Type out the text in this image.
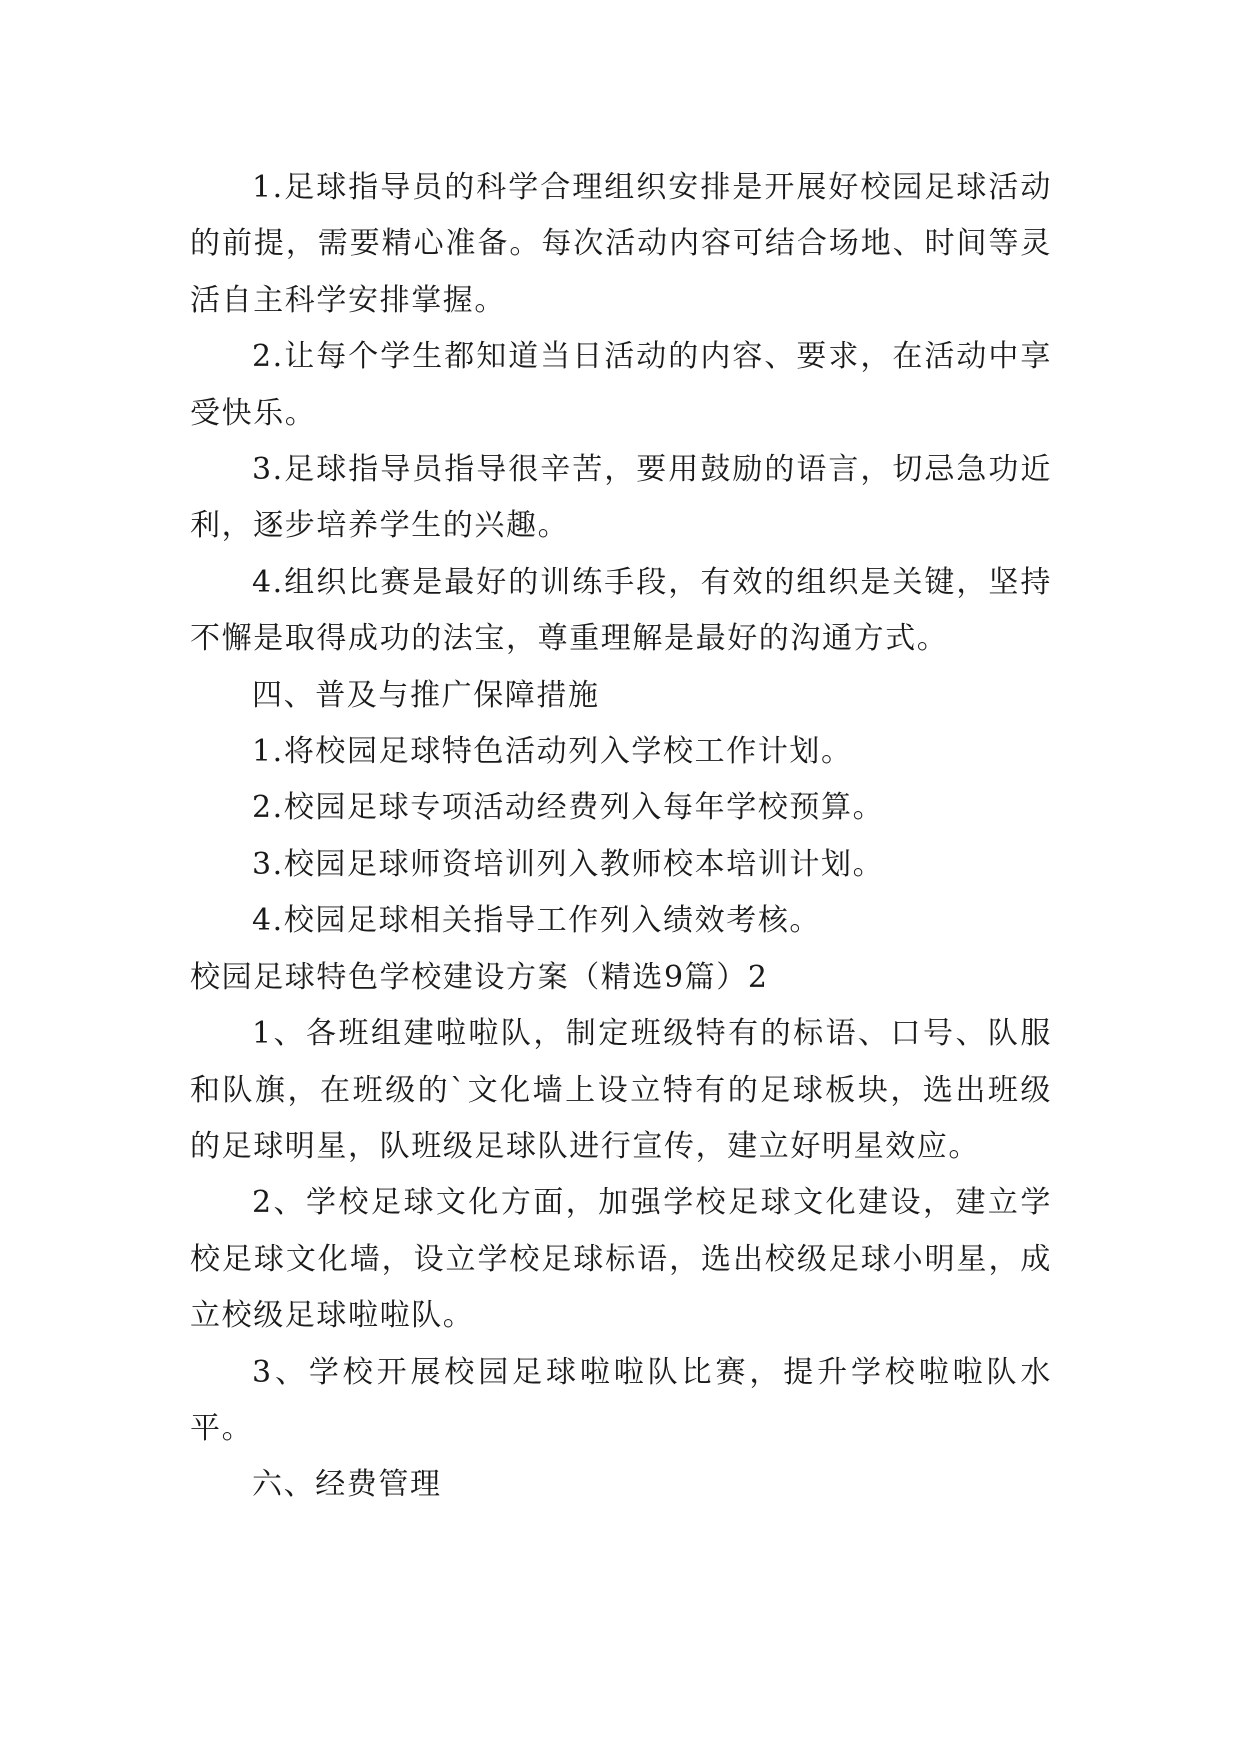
1.足球指导员的科学合理组织安排是开展好校园足球活动的前提，需要精心准备。每次活动内容可结合场地、时间等灵活自主科学安排掌握。

2.让每个学生都知道当日活动的内容、要求，在活动中享受快乐。

3.足球指导员指导很辛苦，要用鼓励的语言，切忌急功近利，逐步培养学生的兴趣。

4.组织比赛是最好的训练手段，有效的组织是关键，坚持不懈是取得成功的法宝，尊重理解是最好的沟通方式。

四、普及与推广保障措施

1.将校园足球特色活动列入学校工作计划。

2.校园足球专项活动经费列入每年学校预算。

3.校园足球师资培训列入教师校本培训计划。

4.校园足球相关指导工作列入绩效考核。

校园足球特色学校建设方案（精选9篇）2

1、各班组建啦啦队，制定班级特有的标语、口号、队服和队旗，在班级的`文化墙上设立特有的足球板块，选出班级的足球明星，队班级足球队进行宣传，建立好明星效应。

2、学校足球文化方面，加强学校足球文化建设，建立学校足球文化墙，设立学校足球标语，选出校级足球小明星，成立校级足球啦啦队。

3、学校开展校园足球啦啦队比赛，提升学校啦啦队水平。

六、经费管理
